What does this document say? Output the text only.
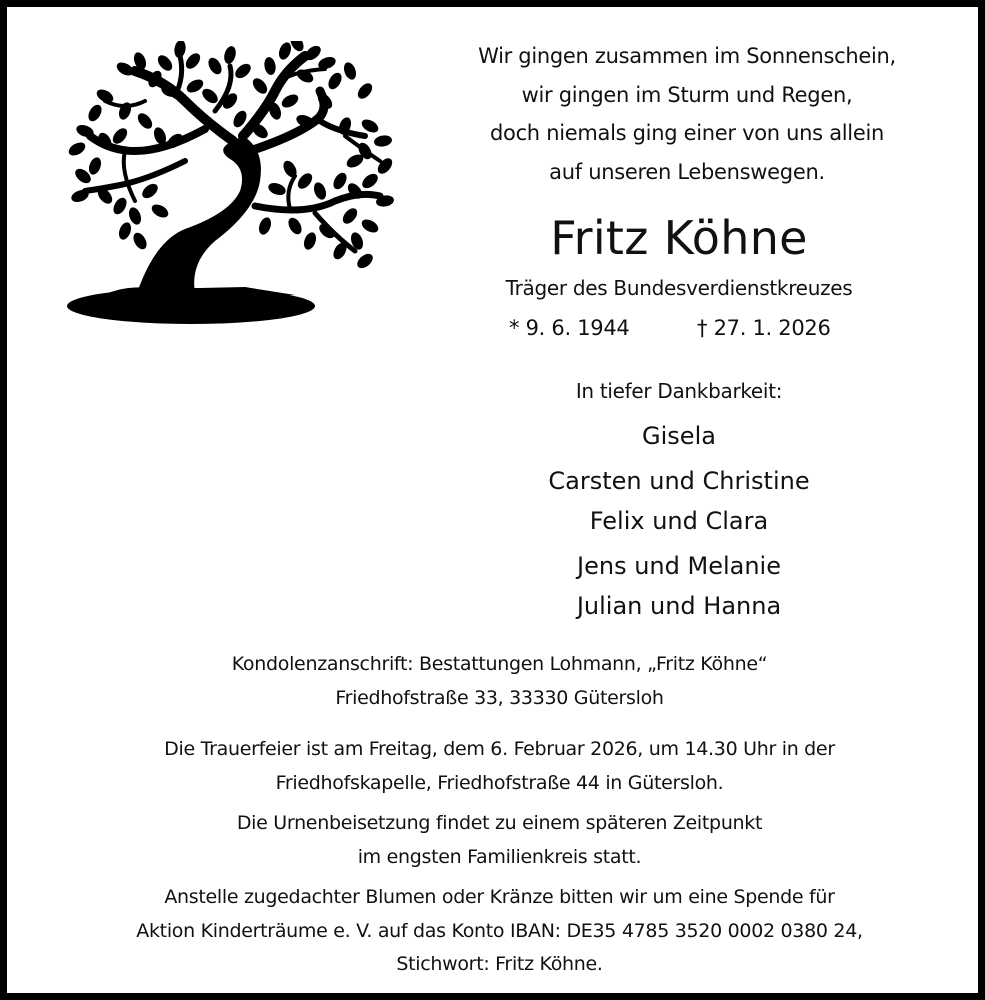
Wir gingen zusammen im Sonnenschein,
wir gingen im Sturm und Regen,
doch niemals ging einer von uns allein
auf unseren Lebenswegen.
Fritz Köhne
Träger des Bundesverdienstkreuzes
* 9. 6. 1944	† 27. 1. 2026
In tiefer Dankbarkeit:
Gisela
Carsten und Christine
Felix und Clara
Jens und Melanie
Julian und Hanna
Kondolenzanschrift: Bestattungen Lohmann, „Fritz Köhne“
Friedhofstraße 33, 33330 Gütersloh
Die Trauerfeier ist am Freitag, dem 6. Februar 2026, um 14.30 Uhr in der
Friedhofskapelle, Friedhofstraße 44 in Gütersloh.
Die Urnenbeisetzung findet zu einem späteren Zeitpunkt
im engsten Familienkreis statt.
Anstelle zugedachter Blumen oder Kränze bitten wir um eine Spende für
Aktion Kinderträume e. V. auf das Konto IBAN: DE35 4785 3520 0002 0380 24,
Stichwort: Fritz Köhne.
